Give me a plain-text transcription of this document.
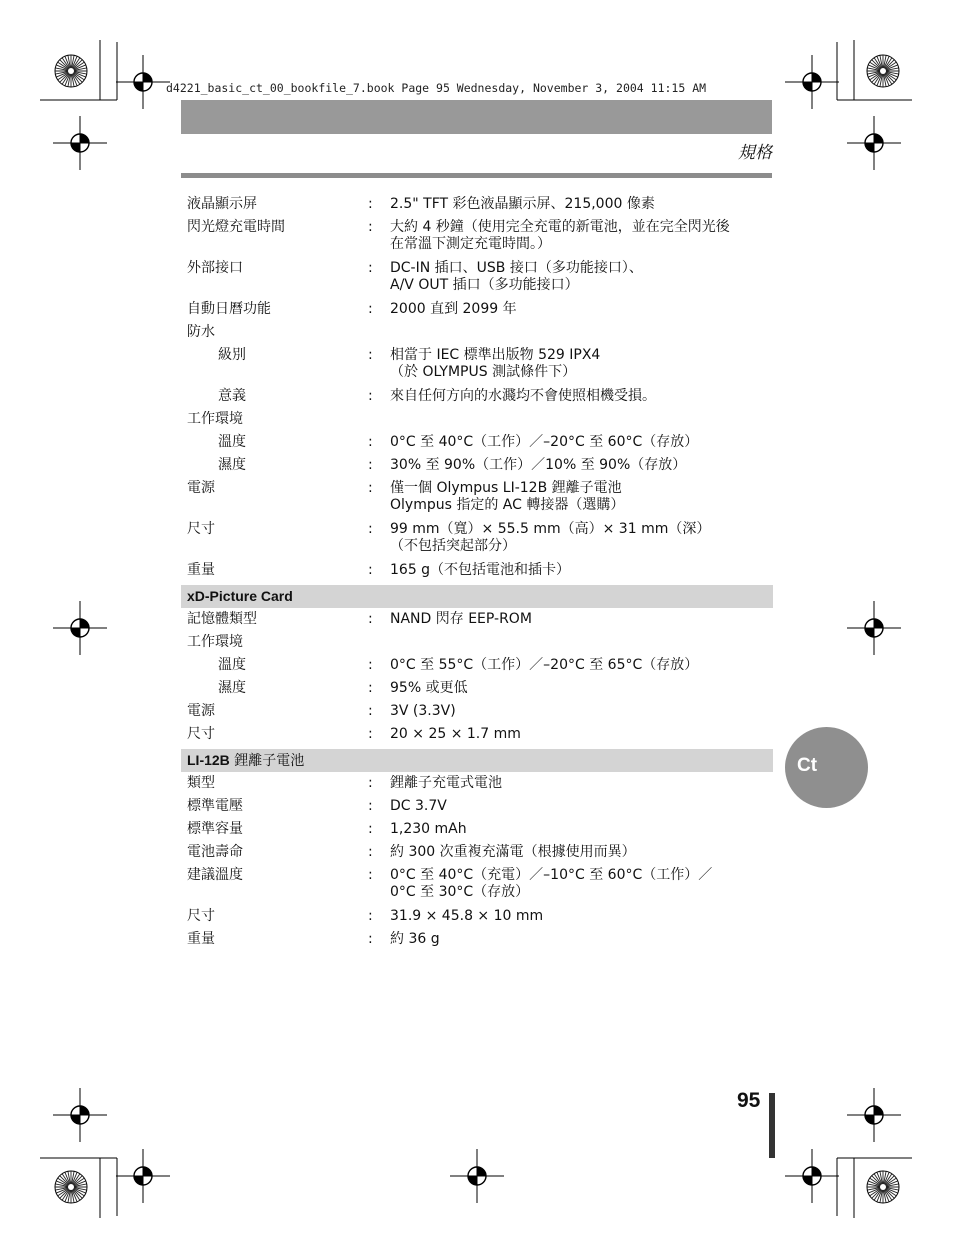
d4221_basic_ct_00_bookfile_7.book Page 95 Wednesday, November 3, 2004 11:15 AM
規格
液晶顯示屏	:	2.5" TFT 彩色液晶顯示屏、215,000 像素
閃光燈充電時間	:	大約 4 秒鐘（使用完全充電的新電池，並在完全閃光後
在常溫下測定充電時間。）
外部接口	:	DC-IN 插口、USB 接口（多功能接口）、
A/V OUT 插口（多功能接口）
自動日曆功能	:	2000 直到 2099 年
防水
級別	:	相當于 IEC 標準出版物 529 IPX4
（於 OLYMPUS 測試條件下）
意義	:	來自任何方向的水濺均不會使照相機受損。
工作環境
溫度	:	0°C 至 40°C（工作）／–20°C 至 60°C（存放）
濕度	:	30% 至 90%（工作）／10% 至 90%（存放）
電源	:	僅一個 Olympus LI-12B 鋰離子電池
Olympus 指定的 AC 轉接器（選購）
尺寸	:	99 mm（寬）× 55.5 mm（高）× 31 mm（深）
（不包括突起部分）
重量	:	165 g（不包括電池和插卡）
xD-Picture Card
記憶體類型	:	NAND 閃存 EEP-ROM
工作環境
溫度	:	0°C 至 55°C（工作）／–20°C 至 65°C（存放）
濕度	:	95% 或更低
電源	:	3V (3.3V)
尺寸	:	20 × 25 × 1.7 mm
LI-12B 鋰離子電池
類型	:	鋰離子充電式電池
標準電壓	:	DC 3.7V
標準容量	:	1,230 mAh
電池壽命	:	約 300 次重複充滿電（根據使用而異）
建議溫度	:	0°C 至 40°C（充電）／–10°C 至 60°C（工作）／
0°C 至 30°C（存放）
尺寸	:	31.9 × 45.8 × 10 mm
重量	:	約 36 g
Ct
95
